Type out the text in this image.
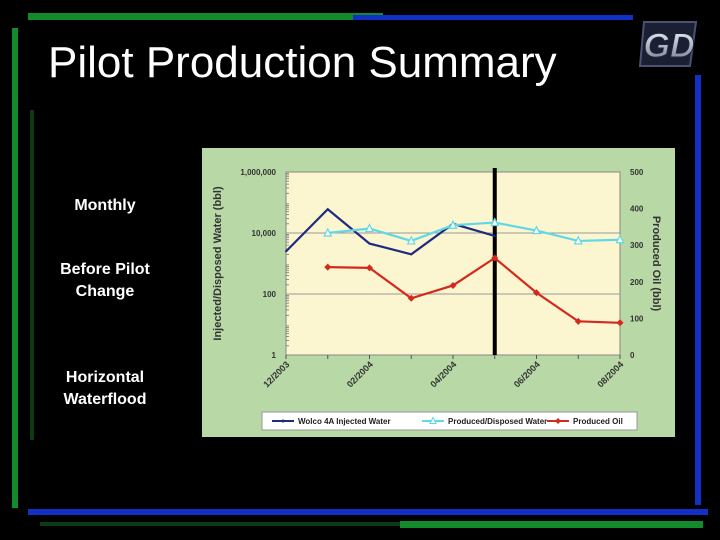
Pilot Production Summary	GD
Monthly
Before Pilot Change
Horizontal Waterflood
1
100
10,000
1,000,000
0
100
200
300
400
500
Injected/Disposed Water (bbl)	Produced Oil (bbl)
12/2003	02/2004	04/2004	06/2004	08/2004
Wolco 4A Injected Water	Produced/Disposed Water	Produced Oil
